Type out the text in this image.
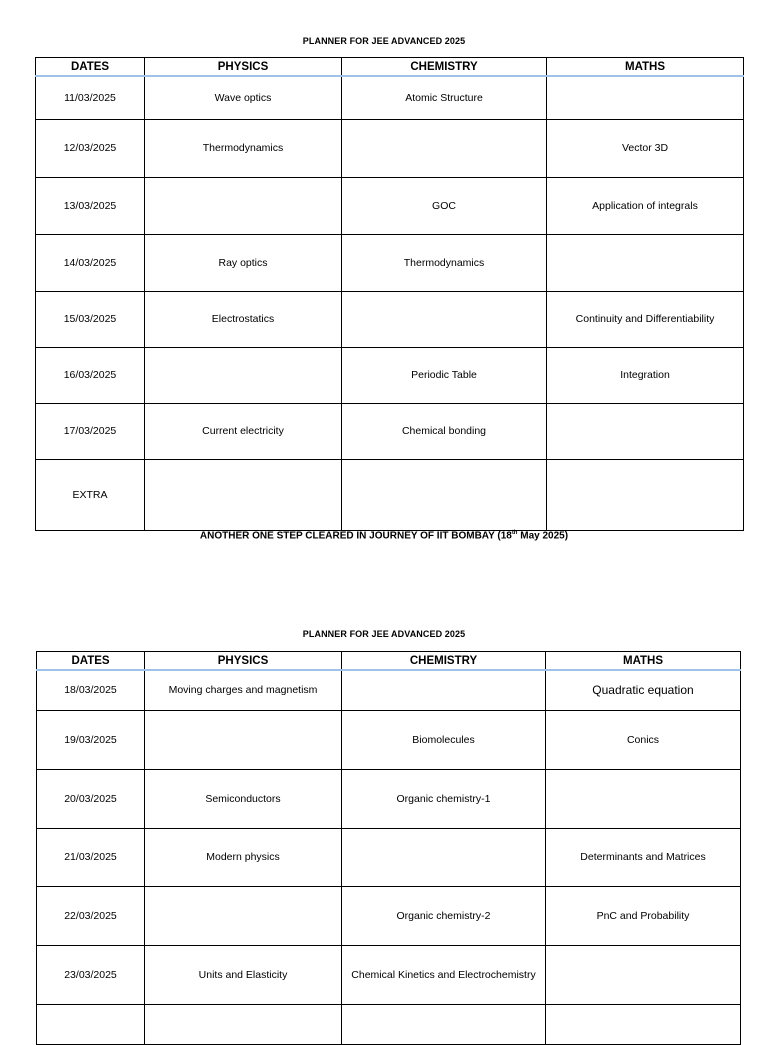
PLANNER FOR JEE ADVANCED 2025
DATES	PHYSICS	CHEMISTRY	MATHS
11/03/2025	Wave optics	Atomic Structure	
12/03/2025	Thermodynamics		Vector 3D
13/03/2025		GOC	Application of integrals
14/03/2025	Ray optics	Thermodynamics	
15/03/2025	Electrostatics		Continuity and Differentiability
16/03/2025		Periodic Table	Integration
17/03/2025	Current electricity	Chemical bonding	
EXTRA			
ANOTHER ONE STEP CLEARED IN JOURNEY OF IIT BOMBAY (18th May 2025)
PLANNER FOR JEE ADVANCED 2025
DATES	PHYSICS	CHEMISTRY	MATHS
18/03/2025	Moving charges and magnetism		Quadratic equation
19/03/2025		Biomolecules	Conics
20/03/2025	Semiconductors	Organic chemistry-1	
21/03/2025	Modern physics		Determinants and Matrices
22/03/2025		Organic chemistry-2	PnC and Probability
23/03/2025	Units and Elasticity	Chemical Kinetics and Electrochemistry	
